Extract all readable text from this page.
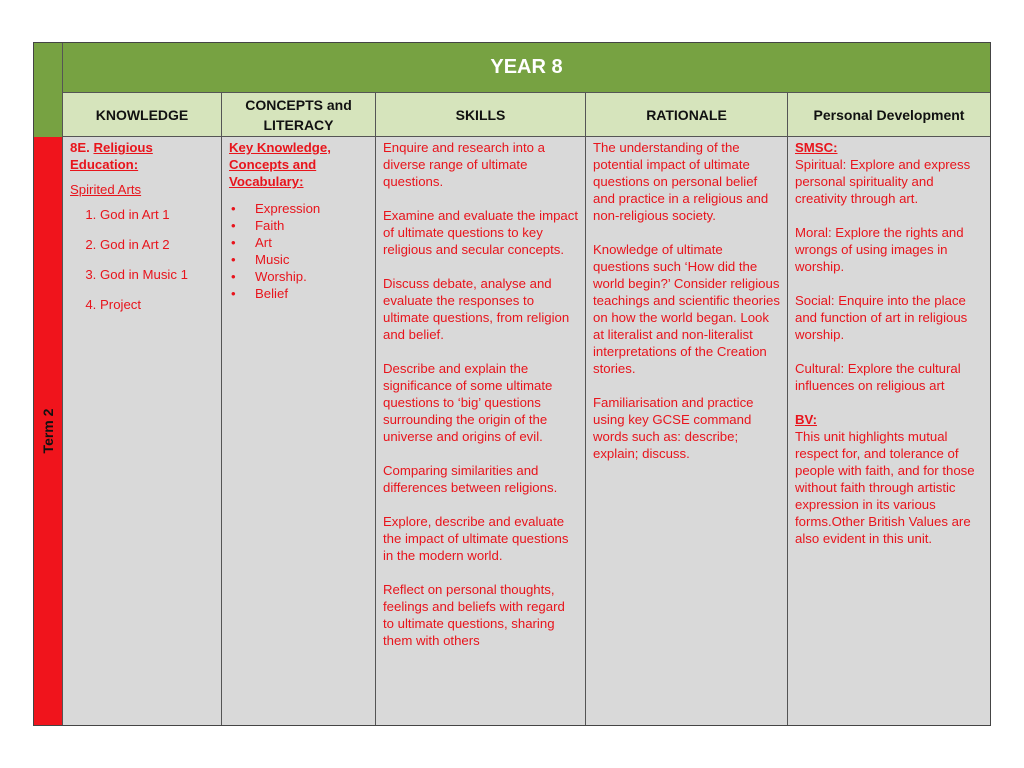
Term 2
YEAR 8
KNOWLEDGE
CONCEPTS and LITERACY
SKILLS	RATIONALE	Personal Development

8E. Religious Education:

Spirited Arts

1. God in Art 1
2. God in Art 2
3. God in Music 1
4. Project

Key Knowledge, Concepts and Vocabulary:

• Expression
• Faith
• Art
• Music
• Worship.
• Belief

Enquire and research into a diverse range of ultimate questions.

Examine and evaluate the impact of ultimate questions to key religious and secular concepts.

Discuss debate, analyse and evaluate the responses to ultimate questions, from religion and belief.

Describe and explain the significance of some ultimate questions to ‘big’ questions surrounding the origin of the universe and origins of evil.

Comparing similarities and differences between religions.

Explore, describe and evaluate the impact of ultimate questions in the modern world.

Reflect on personal thoughts, feelings and beliefs with regard to ultimate questions, sharing them with others

The understanding of the potential impact of ultimate questions on personal belief and practice in a religious and non-religious society.

Knowledge of ultimate questions such ‘How did the world begin?’ Consider religious teachings and scientific theories on how the world began. Look at literalist and non-literalist interpretations of the Creation stories.

Familiarisation and practice using key GCSE command words such as: describe; explain; discuss.

SMSC:

Spiritual: Explore and express personal spirituality and creativity through art.

Moral: Explore the rights and wrongs of using images in worship.

Social: Enquire into the place and function of art in religious worship.

Cultural: Explore the cultural influences on religious art

BV:

This unit highlights mutual respect for, and tolerance of people with faith, and for those without faith through artistic expression in its various forms.Other British Values are also evident in this unit.
